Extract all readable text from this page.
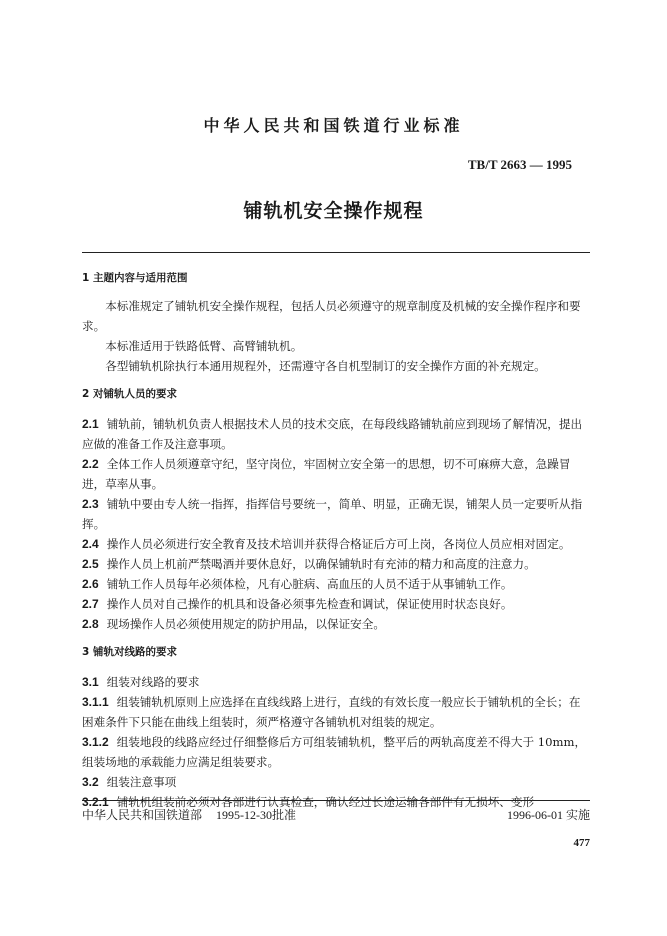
中华人民共和国铁道行业标准
TB/T 2663 — 1995
铺轨机安全操作规程

1 主题内容与适用范围

本标准规定了铺轨机安全操作规程，包括人员必须遵守的规章制度及机械的安全操作程序和要求。

本标准适用于铁路低臂、高臂铺轨机。

各型铺轨机除执行本通用规程外，还需遵守各自机型制订的安全操作方面的补充规定。

2 对铺轨人员的要求

2.1 铺轨前，铺轨机负责人根据技术人员的技术交底，在每段线路铺轨前应到现场了解情况，提出应做的准备工作及注意事项。

2.2 全体工作人员须遵章守纪，坚守岗位，牢固树立安全第一的思想，切不可麻痹大意，急躁冒进，草率从事。

2.3 铺轨中要由专人统一指挥，指挥信号要统一，简单、明显，正确无误，铺架人员一定要听从指挥。

2.4 操作人员必须进行安全教育及技术培训并获得合格证后方可上岗，各岗位人员应相对固定。

2.5 操作人员上机前严禁喝酒并要休息好，以确保铺轨时有充沛的精力和高度的注意力。

2.6 铺轨工作人员每年必须体检，凡有心脏病、高血压的人员不适于从事铺轨工作。

2.7 操作人员对自己操作的机具和设备必须事先检查和调试，保证使用时状态良好。

2.8 现场操作人员必须使用规定的防护用品，以保证安全。

3 铺轨对线路的要求

3.1 组装对线路的要求

3.1.1 组装铺轨机原则上应选择在直线线路上进行，直线的有效长度一般应长于铺轨机的全长；在困难条件下只能在曲线上组装时，须严格遵守各铺轨机对组装的规定。

3.1.2 组装地段的线路应经过仔细整修后方可组装铺轨机，整平后的两轨高度差不得大于 10mm，组装场地的承载能力应满足组装要求。

3.2 组装注意事项

3.2.1 铺轨机组装前必须对各部进行认真检查，确认经过长途运输各部件有无损坏、变形

中华人民共和国铁道部 1995-12-30批准	1996-06-01 实施
477
